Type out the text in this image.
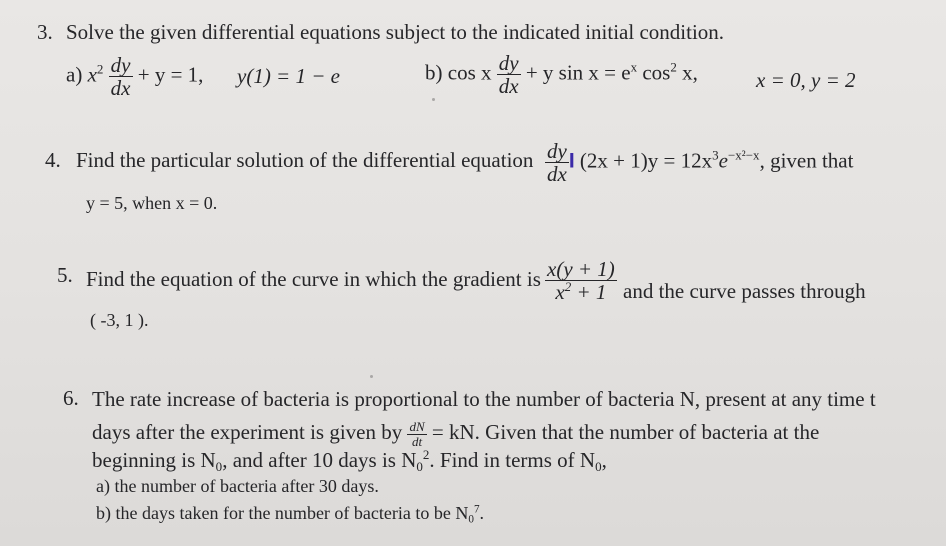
3. Solve the given differential equations subject to the indicated initial condition.
a) $x^2 \frac{dy}{dx} + y = 1$, y(1) = 1 − e	b) cos x $\frac{dy}{dx} + y$ $\sin x = e^x$ $\cos^2 x$,	x = 0, y = 2
4. Find the particular solution of the differential equation $\frac{dy}{dx}$ I $(2x + 1)y = 12x^3e^{-x^2-x}$, given that
y = 5, when x = 0.
5. Find the equation of the curve in which the gradient is $\frac{x(y + 1)}{x^2 + 1}$ and the curve passes through
( -3, 1 ).
6. The rate increase of bacteria is proportional to the number of bacteria N, present at any time t
days after the experiment is given by $\frac{dN}{dt}$ = kN. Given that the number of bacteria at the
beginning is $N_0$, and after 10 days is $N_0^2$. Find in terms of $N_0$,
a) the number of bacteria after 30 days.
b) the days taken for the number of bacteria to be $N_0^7$.
